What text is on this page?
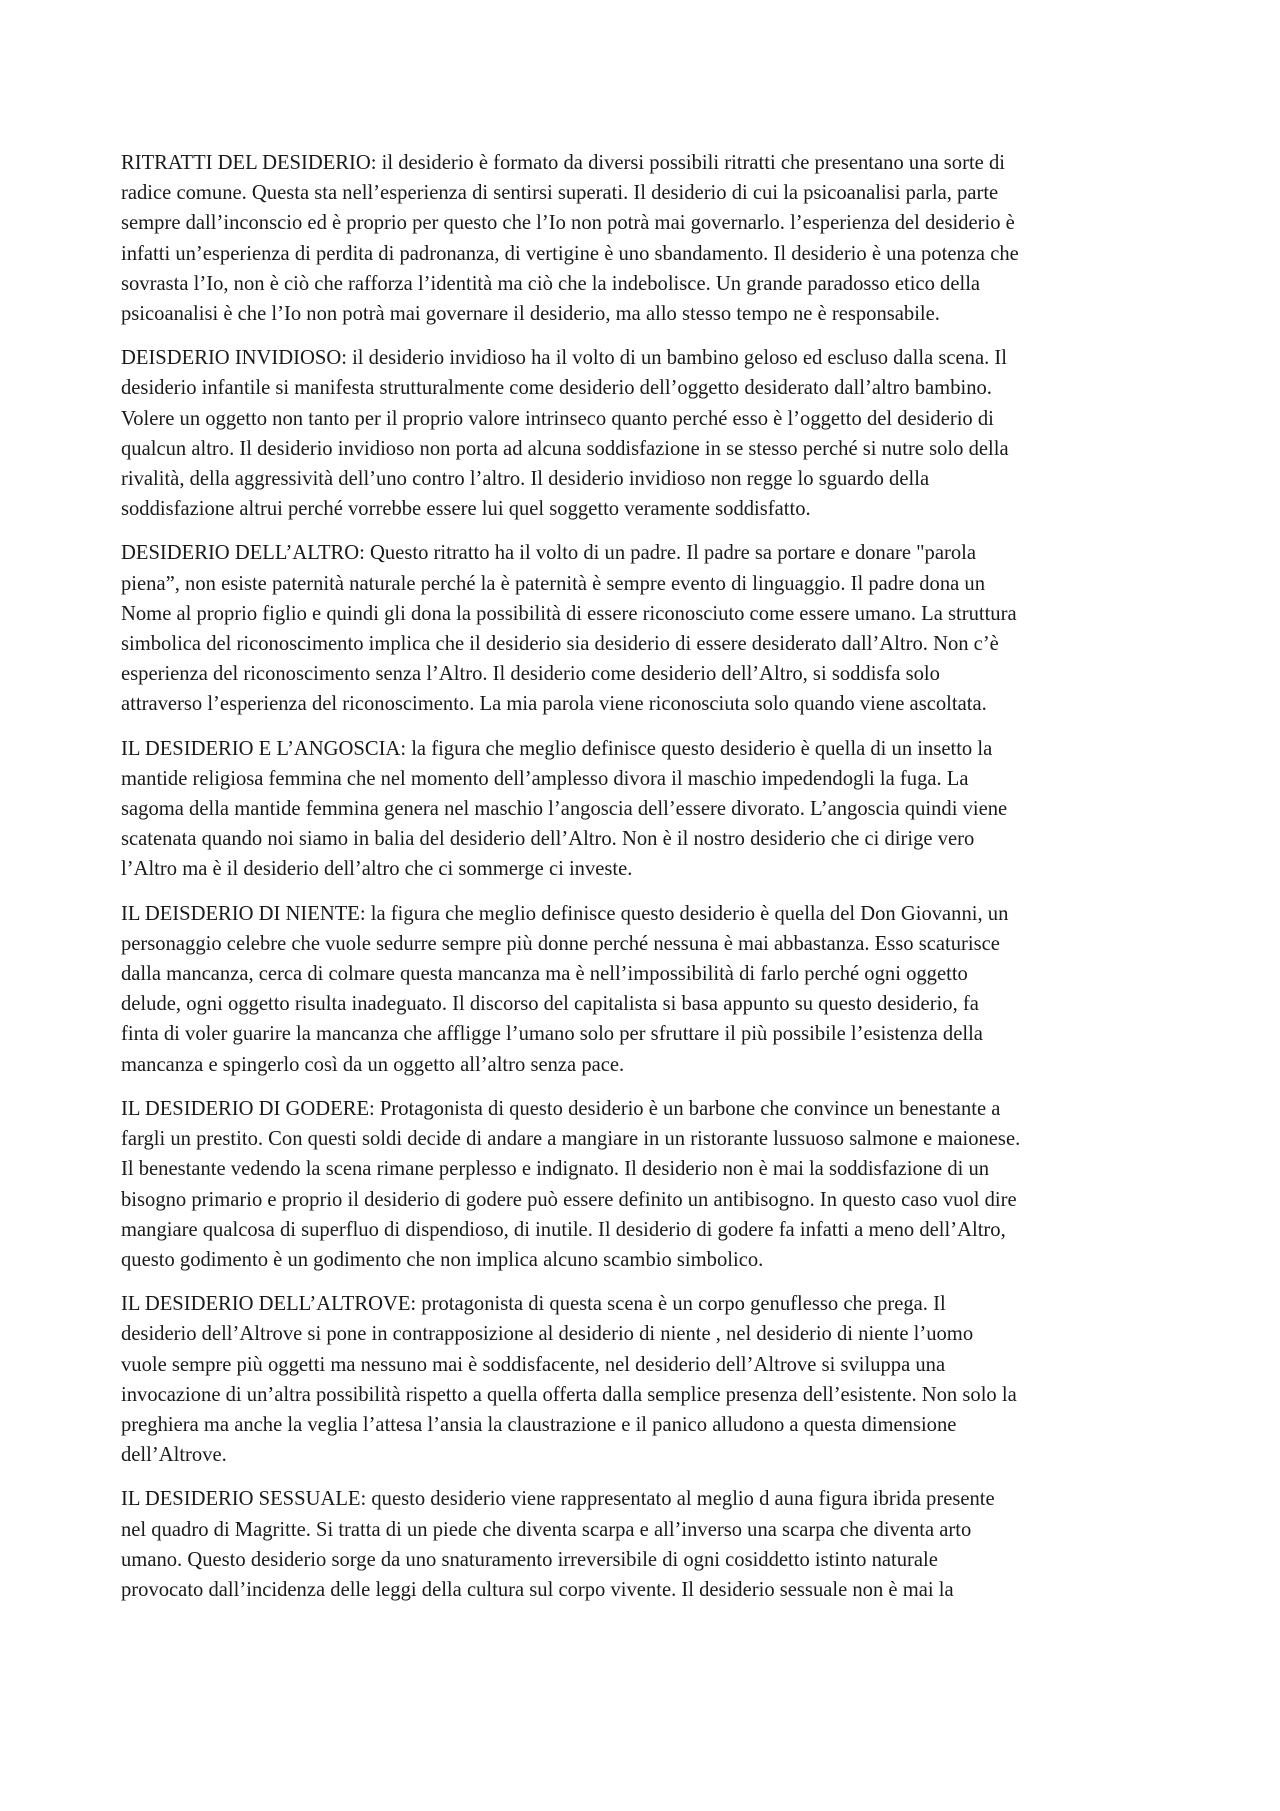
RITRATTI DEL DESIDERIO: il desiderio è formato da diversi possibili ritratti che presentano una sorte di
radice comune. Questa sta nell’esperienza di sentirsi superati. Il desiderio di cui la psicoanalisi parla, parte
sempre dall’inconscio ed è proprio per questo che l’Io non potrà mai governarlo. l’esperienza del desiderio è
infatti un’esperienza di perdita di padronanza, di vertigine è uno sbandamento. Il desiderio è una potenza che
sovrasta l’Io, non è ciò che rafforza l’identità ma ciò che la indebolisce. Un grande paradosso etico della
psicoanalisi è che l’Io non potrà mai governare il desiderio, ma allo stesso tempo ne è responsabile.
DEISDERIO INVIDIOSO: il desiderio invidioso ha il volto di un bambino geloso ed escluso dalla scena. Il
desiderio infantile si manifesta strutturalmente come desiderio dell’oggetto desiderato dall’altro bambino.
Volere un oggetto non tanto per il proprio valore intrinseco quanto perché esso è l’oggetto del desiderio di
qualcun altro. Il desiderio invidioso non porta ad alcuna soddisfazione in se stesso perché si nutre solo della
rivalità, della aggressività dell’uno contro l’altro. Il desiderio invidioso non regge lo sguardo della
soddisfazione altrui perché vorrebbe essere lui quel soggetto veramente soddisfatto.
DESIDERIO DELL’ALTRO: Questo ritratto ha il volto di un padre. Il padre sa portare e donare "parola
piena”, non esiste paternità naturale perché la è paternità è sempre evento di linguaggio. Il padre dona un
Nome al proprio figlio e quindi gli dona la possibilità di essere riconosciuto come essere umano. La struttura
simbolica del riconoscimento implica che il desiderio sia desiderio di essere desiderato dall’Altro. Non c’è
esperienza del riconoscimento senza l’Altro. Il desiderio come desiderio dell’Altro, si soddisfa solo
attraverso l’esperienza del riconoscimento. La mia parola viene riconosciuta solo quando viene ascoltata.
IL DESIDERIO E L’ANGOSCIA: la figura che meglio definisce questo desiderio è quella di un insetto la
mantide religiosa femmina che nel momento dell’amplesso divora il maschio impedendogli la fuga. La
sagoma della mantide femmina genera nel maschio l’angoscia dell’essere divorato. L’angoscia quindi viene
scatenata quando noi siamo in balia del desiderio dell’Altro. Non è il nostro desiderio che ci dirige vero
l’Altro ma è il desiderio dell’altro che ci sommerge ci investe.
IL DEISDERIO DI NIENTE: la figura che meglio definisce questo desiderio è quella del Don Giovanni, un
personaggio celebre che vuole sedurre sempre più donne perché nessuna è mai abbastanza. Esso scaturisce
dalla mancanza, cerca di colmare questa mancanza ma è nell’impossibilità di farlo perché ogni oggetto
delude, ogni oggetto risulta inadeguato. Il discorso del capitalista si basa appunto su questo desiderio, fa
finta di voler guarire la mancanza che affligge l’umano solo per sfruttare il più possibile l’esistenza della
mancanza e spingerlo così da un oggetto all’altro senza pace.
IL DESIDERIO DI GODERE: Protagonista di questo desiderio è un barbone che convince un benestante a
fargli un prestito. Con questi soldi decide di andare a mangiare in un ristorante lussuoso salmone e maionese.
Il benestante vedendo la scena rimane perplesso e indignato. Il desiderio non è mai la soddisfazione di un
bisogno primario e proprio il desiderio di godere può essere definito un antibisogno. In questo caso vuol dire
mangiare qualcosa di superfluo di dispendioso, di inutile. Il desiderio di godere fa infatti a meno dell’Altro,
questo godimento è un godimento che non implica alcuno scambio simbolico.
IL DESIDERIO DELL’ALTROVE: protagonista di questa scena è un corpo genuflesso che prega. Il
desiderio dell’Altrove si pone in contrapposizione al desiderio di niente , nel desiderio di niente l’uomo
vuole sempre più oggetti ma nessuno mai è soddisfacente, nel desiderio dell’Altrove si sviluppa una
invocazione di un’altra possibilità rispetto a quella offerta dalla semplice presenza dell’esistente. Non solo la
preghiera ma anche la veglia l’attesa l’ansia la claustrazione e il panico alludono a questa dimensione
dell’Altrove.
IL DESIDERIO SESSUALE: questo desiderio viene rappresentato al meglio d auna figura ibrida presente
nel quadro di Magritte. Si tratta di un piede che diventa scarpa e all’inverso una scarpa che diventa arto
umano. Questo desiderio sorge da uno snaturamento irreversibile di ogni cosiddetto istinto naturale
provocato dall’incidenza delle leggi della cultura sul corpo vivente. Il desiderio sessuale non è mai la
